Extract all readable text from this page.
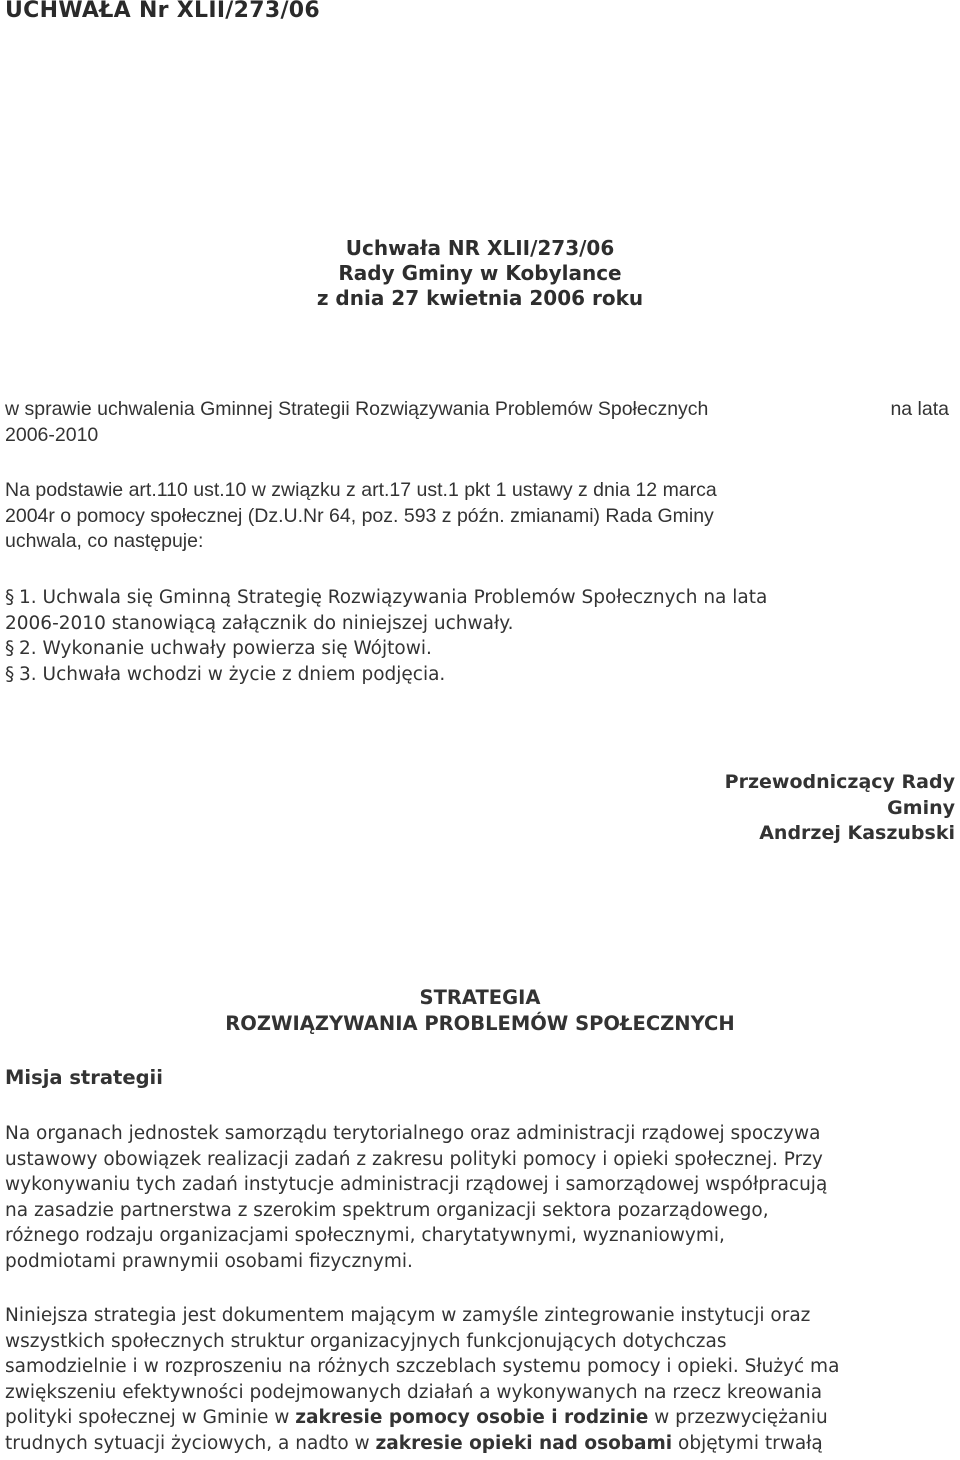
UCHWAŁA Nr XLII/273/06
Uchwała NR XLII/273/06
Rady Gminy w Kobylance
z dnia 27 kwietnia 2006 roku
w sprawie uchwalenia Gminnej Strategii Rozwiązywania Problemów Społecznych	na lata
2006-2010
Na podstawie art.110 ust.10 w związku z art.17 ust.1 pkt 1 ustawy z dnia 12 marca
2004r o pomocy społecznej (Dz.U.Nr 64, poz. 593 z późn. zmianami) Rada Gminy
uchwala, co następuje:
§ 1. Uchwala się Gminną Strategię Rozwiązywania Problemów Społecznych na lata
2006-2010 stanowiącą załącznik do niniejszej uchwały.
§ 2. Wykonanie uchwały powierza się Wójtowi.
§ 3. Uchwała wchodzi w życie z dniem podjęcia.
Przewodniczący Rady
Gminy
Andrzej Kaszubski
STRATEGIA
ROZWIĄZYWANIA PROBLEMÓW SPOŁECZNYCH
Misja strategii
Na organach jednostek samorządu terytorialnego oraz administracji rządowej spoczywa
ustawowy obowiązek realizacji zadań z zakresu polityki pomocy i opieki społecznej. Przy
wykonywaniu tych zadań instytucje administracji rządowej i samorządowej współpracują
na zasadzie partnerstwa z szerokim spektrum organizacji sektora pozarządowego,
różnego rodzaju organizacjami społecznymi, charytatywnymi, wyznaniowymi,
podmiotami prawnymii osobami fizycznymi.
Niniejsza strategia jest dokumentem mającym w zamyśle zintegrowanie instytucji oraz
wszystkich społecznych struktur organizacyjnych funkcjonujących dotychczas
samodzielnie i w rozproszeniu na różnych szczeblach systemu pomocy i opieki. Służyć ma
zwiększeniu efektywności podejmowanych działań a wykonywanych na rzecz kreowania
polityki społecznej w Gminie w zakresie pomocy osobie i rodzinie w przezwyciężaniu
trudnych sytuacji życiowych, a nadto w zakresie opieki nad osobami objętymi trwałą
